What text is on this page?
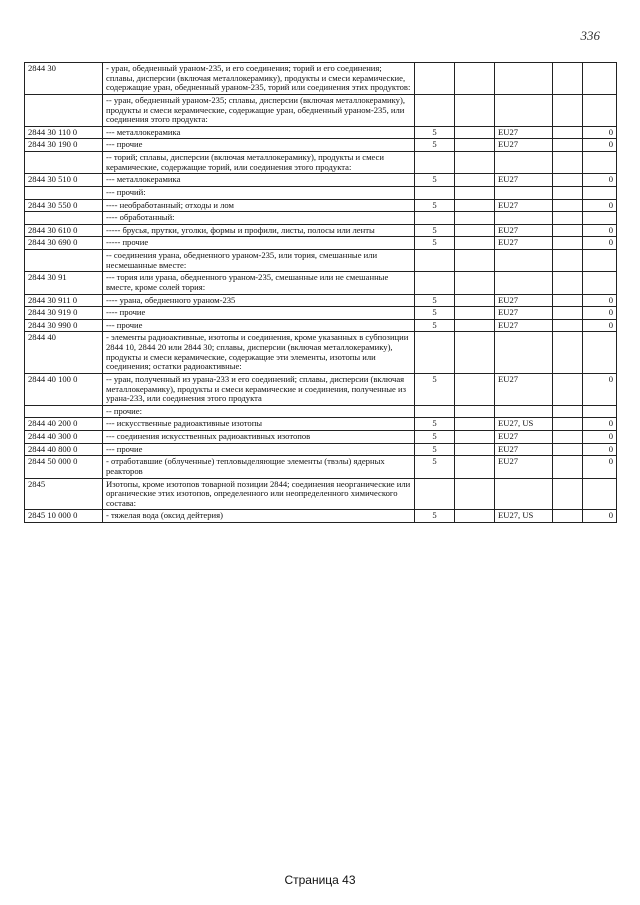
336
2844 30	- уран, обедненный ураном-235, и его соединения; торий и его соединения; сплавы, дисперсии (включая металлокерамику), продукты и смеси керамические, содержащие уран, обедненный ураном-235, торий или соединения этих продуктов:					
	-- уран, обедненный ураном-235; сплавы, дисперсии (включая металлокерамику), продукты и смеси керамические, содержащие уран, обедненный ураном-235, или соединения этого продукта:					
2844 30 110 0	--- металлокерамика	5		EU27		0
2844 30 190 0	--- прочие	5		EU27		0
	-- торий; сплавы, дисперсии (включая металлокерамику), продукты и смеси керамические, содержащие торий, или соединения этого продукта:					
2844 30 510 0	--- металлокерамика	5		EU27		0
	--- прочий:					
2844 30 550 0	---- необработанный; отходы и лом	5		EU27		0
	---- обработанный:					
2844 30 610 0	----- брусья, прутки, уголки, формы и профили, листы, полосы или ленты	5		EU27		0
2844 30 690 0	----- прочие	5		EU27		0
	-- соединения урана, обедненного ураном-235, или тория, смешанные или несмешанные вместе:					
2844 30 91	--- тория или урана, обедненного ураном-235, смешанные или не смешанные вместе, кроме солей тория:					
2844 30 911 0	---- урана, обедненного ураном-235	5		EU27		0
2844 30 919 0	---- прочие	5		EU27		0
2844 30 990 0	--- прочие	5		EU27		0
2844 40	- элементы радиоактивные, изотопы и соединения, кроме указанных в субпозиции 2844 10, 2844 20 или 2844 30; сплавы, дисперсии (включая металлокерамику), продукты и смеси керамические, содержащие эти элементы, изотопы или соединения; остатки радиоактивные:					
2844 40 100 0	-- уран, полученный из урана-233 и его соединений; сплавы, дисперсии (включая металлокерамику), продукты и смеси керамические и соединения, полученные из урана-233, или соединения этого продукта	5		EU27		0
	-- прочие:					
2844 40 200 0	--- искусственные радиоактивные изотопы	5		EU27, US		0
2844 40 300 0	--- соединения искусственных радиоактивных изотопов	5		EU27		0
2844 40 800 0	--- прочие	5		EU27		0
2844 50 000 0	- отработавшие (облученные) тепловыделяющие элементы (твэлы) ядерных реакторов	5		EU27		0
2845	Изотопы, кроме изотопов товарной позиции 2844; соединения неорганические или органические этих изотопов, определенного или неопределенного химического состава:					
2845 10 000 0	- тяжелая вода (оксид дейтерия)	5		EU27, US		0
Страница 43
